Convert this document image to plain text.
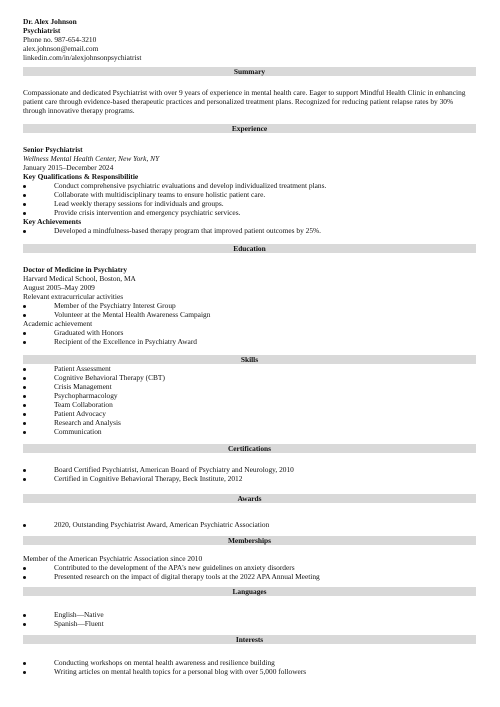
Dr. Alex Johnson
Psychiatrist
Phone no. 987-654-3210
alex.johnson@email.com
linkedin.com/in/alexjohnsonpsychiatrist
Summary
Compassionate and dedicated Psychiatrist with over 9 years of experience in mental health care. Eager to support Mindful Health Clinic in enhancing patient care through evidence-based therapeutic practices and personalized treatment plans. Recognized for reducing patient relapse rates by 30% through innovative therapy programs.
Experience
Senior Psychiatrist
Wellness Mental Health Center, New York, NY
January 2015–December 2024
Key Qualifications & Responsibilitie
Conduct comprehensive psychiatric evaluations and develop individualized treatment plans.
Collaborate with multidisciplinary teams to ensure holistic patient care.
Lead weekly therapy sessions for individuals and groups.
Provide crisis intervention and emergency psychiatric services.
Key Achievements
Developed a mindfulness-based therapy program that improved patient outcomes by 25%.
Education
Doctor of Medicine in Psychiatry
Harvard Medical School, Boston, MA
August 2005–May 2009
Relevant extracurricular activities
Member of the Psychiatry Interest Group
Volunteer at the Mental Health Awareness Campaign
Academic achievement
Graduated with Honors
Recipient of the Excellence in Psychiatry Award
Skills
Patient Assessment
Cognitive Behavioral Therapy (CBT)
Crisis Management
Psychopharmacology
Team Collaboration
Patient Advocacy
Research and Analysis
Communication
Certifications
Board Certified Psychiatrist, American Board of Psychiatry and Neurology, 2010
Certified in Cognitive Behavioral Therapy, Beck Institute, 2012
Awards
2020, Outstanding Psychiatrist Award, American Psychiatric Association
Memberships
Member of the American Psychiatric Association since 2010
Contributed to the development of the APA's new guidelines on anxiety disorders
Presented research on the impact of digital therapy tools at the 2022 APA Annual Meeting
Languages
English—Native
Spanish—Fluent
Interests
Conducting workshops on mental health awareness and resilience building
Writing articles on mental health topics for a personal blog with over 5,000 followers
